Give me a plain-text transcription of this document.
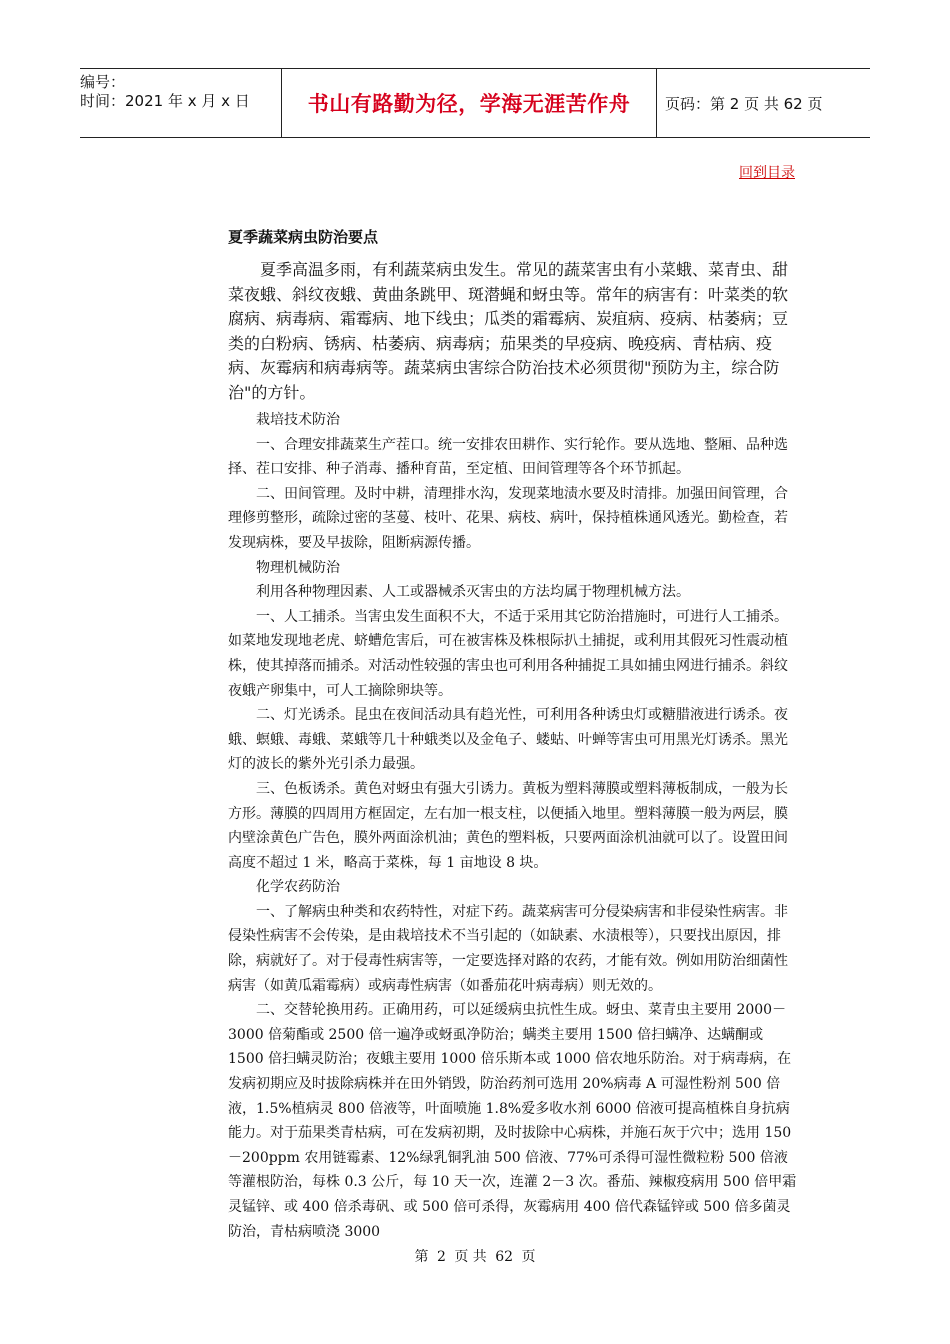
编号：
时间：2021 年 x 月 x 日	书山有路勤为径，学海无涯苦作舟	页码：第 2 页 共 62 页
回到目录
夏季蔬菜病虫防治要点
夏季高温多雨，有利蔬菜病虫发生。常见的蔬菜害虫有小菜蛾、菜青虫、甜菜夜蛾、斜纹夜蛾、黄曲条跳甲、斑潜蝇和蚜虫等。常年的病害有：叶菜类的软腐病、病毒病、霜霉病、地下线虫；瓜类的霜霉病、炭疽病、疫病、枯萎病；豆类的白粉病、锈病、枯萎病、病毒病；茄果类的早疫病、晚疫病、青枯病、疫病、灰霉病和病毒病等。蔬菜病虫害综合防治技术必须贯彻"预防为主，综合防治"的方针。

栽培技术防治

一、合理安排蔬菜生产茬口。统一安排农田耕作、实行轮作。要从选地、整厢、品种选择、茬口安排、种子消毒、播种育苗，至定植、田间管理等各个环节抓起。

二、田间管理。及时中耕，清理排水沟，发现菜地渍水要及时清排。加强田间管理，合理修剪整形，疏除过密的茎蔓、枝叶、花果、病枝、病叶，保持植株通风透光。勤检查，若发现病株，要及早拔除，阻断病源传播。

物理机械防治

利用各种物理因素、人工或器械杀灭害虫的方法均属于物理机械方法。

一、人工捕杀。当害虫发生面积不大，不适于采用其它防治措施时，可进行人工捕杀。如菜地发现地老虎、蛴螬危害后，可在被害株及株根际扒土捕捉，或利用其假死习性震动植株，使其掉落而捕杀。对活动性较强的害虫也可利用各种捕捉工具如捕虫网进行捕杀。斜纹夜蛾产卵集中，可人工摘除卵块等。

二、灯光诱杀。昆虫在夜间活动具有趋光性，可利用各种诱虫灯或糖腊液进行诱杀。夜蛾、螟蛾、毒蛾、菜蛾等几十种蛾类以及金龟子、蝼蛄、叶蝉等害虫可用黑光灯诱杀。黑光灯的波长的紫外光引杀力最强。

三、色板诱杀。黄色对蚜虫有强大引诱力。黄板为塑料薄膜或塑料薄板制成，一般为长方形。薄膜的四周用方框固定，左右加一根支柱，以便插入地里。塑料薄膜一般为两层，膜内壁涂黄色广告色，膜外两面涂机油；黄色的塑料板，只要两面涂机油就可以了。设置田间高度不超过 1 米，略高于菜株，每 1 亩地设 8 块。

化学农药防治

一、了解病虫种类和农药特性，对症下药。蔬菜病害可分侵染病害和非侵染性病害。非侵染性病害不会传染，是由栽培技术不当引起的（如缺素、水渍根等），只要找出原因，排除，病就好了。对于侵毒性病害等，一定要选择对路的农药，才能有效。例如用防治细菌性病害（如黄瓜霜霉病）或病毒性病害（如番茄花叶病毒病）则无效的。

二、交替轮换用药。正确用药，可以延缓病虫抗性生成。蚜虫、菜青虫主要用 2000－3000 倍菊酯或 2500 倍一遍净或蚜虱净防治；螨类主要用 1500 倍扫螨净、达螨酮或 1500 倍扫螨灵防治；夜蛾主要用 1000 倍乐斯本或 1000 倍农地乐防治。对于病毒病，在发病初期应及时拔除病株并在田外销毁，防治药剂可选用 20%病毒 A 可湿性粉剂 500 倍液，1.5%植病灵 800 倍液等，叶面喷施 1.8%爱多收水剂 6000 倍液可提高植株自身抗病能力。对于茄果类青枯病，可在发病初期，及时拔除中心病株，并施石灰于穴中；选用 150－200ppm 农用链霉素、12%绿乳铜乳油 500 倍液、77%可杀得可湿性微粒粉 500 倍液等灌根防治，每株 0.3 公斤，每 10 天一次，连灌 2－3 次。番茄、辣椒疫病用 500 倍甲霜灵锰锌、或 400 倍杀毒矾、或 500 倍可杀得，灰霉病用 400 倍代森锰锌或 500 倍多菌灵防治，青枯病喷浇 3000

第 2 页 共 62 页
